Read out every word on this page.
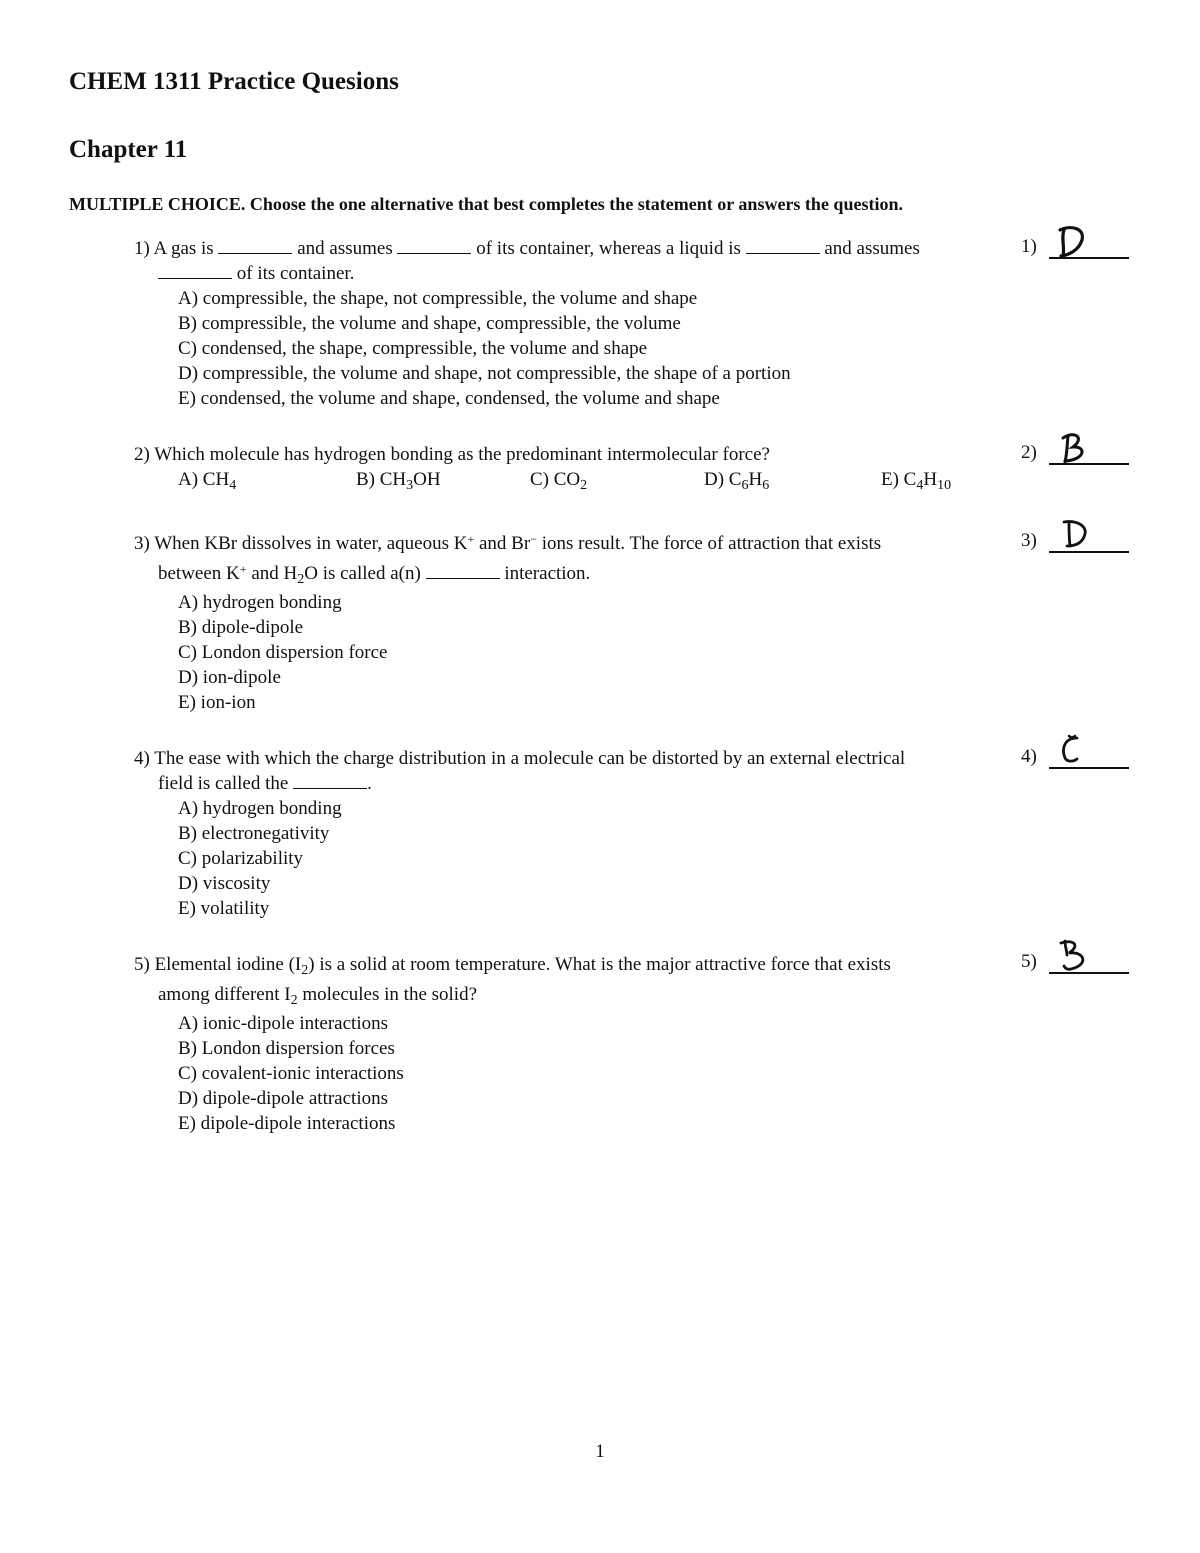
CHEM 1311 Practice Quesions
Chapter 11
MULTIPLE CHOICE. Choose the one alternative that best completes the statement or answers the question.
1) A gas is	and assumes	of its container, whereas a liquid is	and assumes
of its container.
A) compressible, the shape, not compressible, the volume and shape
B) compressible, the volume and shape, compressible, the volume
C) condensed, the shape, compressible, the volume and shape
D) compressible, the volume and shape, not compressible, the shape of a portion
E) condensed, the volume and shape, condensed, the volume and shape
1)
2) Which molecule has hydrogen bonding as the predominant intermolecular force?
A) $CH_4$	B) $CH_3OH$	C) $CO_2$	D) $C_6H_6$	E) $C_4H_{10}$
2)
3) When KBr dissolves in water, aqueous K+ and Br− ions result. The force of attraction that exists
between K+ and $H_2O$ is called a(n)	interaction.
A) hydrogen bonding
B) dipole-dipole
C) London dispersion force
D) ion-dipole
E) ion-ion
3)
4) The ease with which the charge distribution in a molecule can be distorted by an external electrical
field is called the	.
A) hydrogen bonding
B) electronegativity
C) polarizability
D) viscosity
E) volatility
4)
5) Elemental iodine $(I_2)$ is a solid at room temperature. What is the major attractive force that exists
among different $I_2$ molecules in the solid?
A) ionic-dipole interactions
B) London dispersion forces
C) covalent-ionic interactions
D) dipole-dipole attractions
E) dipole-dipole interactions
5)
1
